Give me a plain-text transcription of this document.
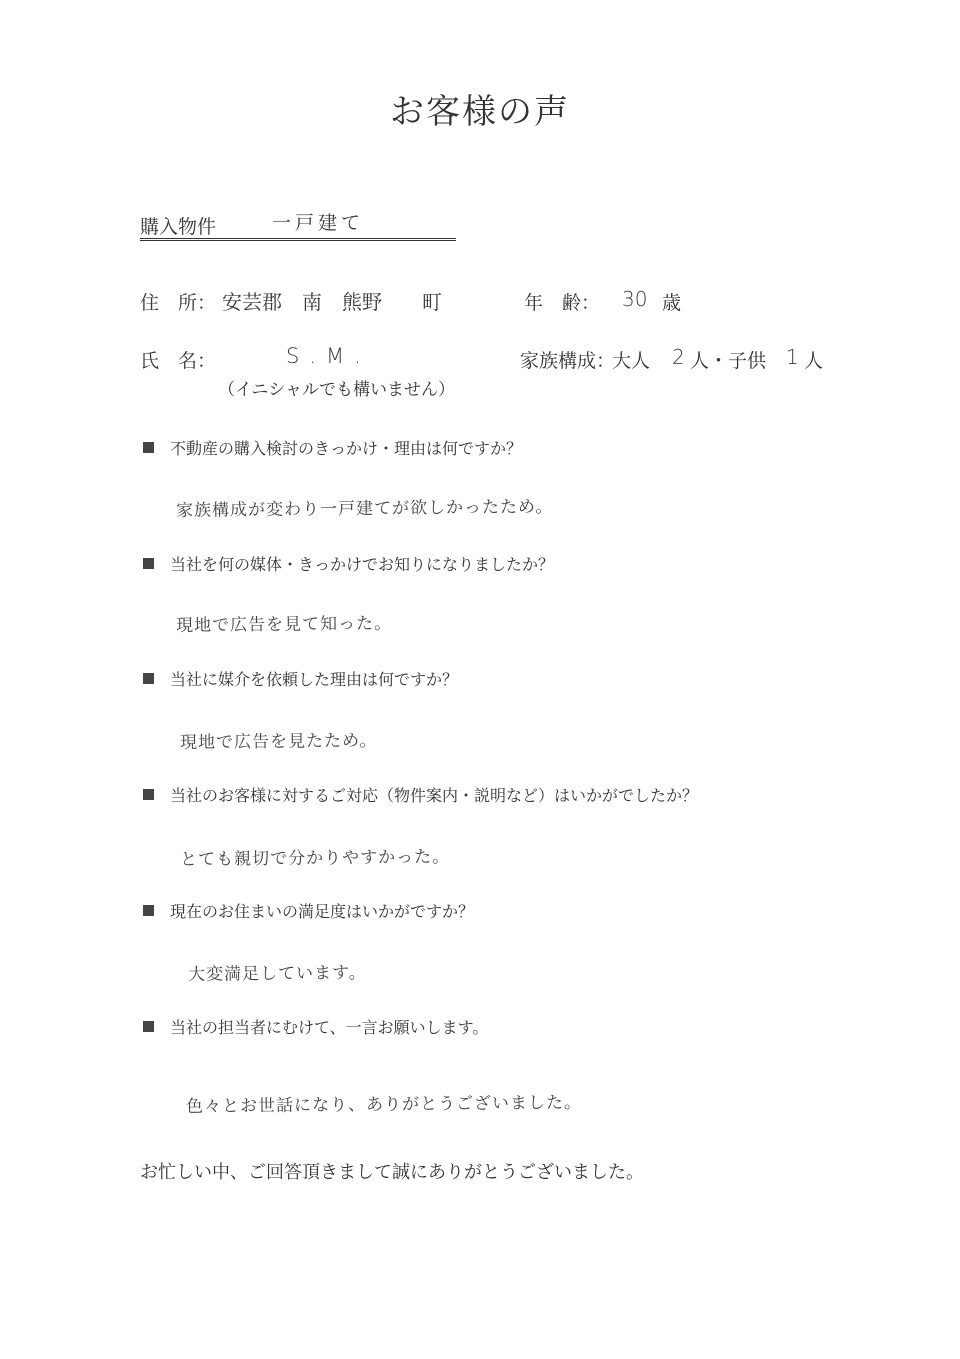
お客様の声
購入物件	一戸建て
住　所： 安芸郡　南　熊野　　町	年　齢： 30 歳
氏　名：	S.M.
（イニシャルでも構いません）
家族構成：
大人 2 人・ 子供 1 人
不動産の購入検討のきっかけ・理由は何ですか？
家族構成が変わり一戸建てが欲しかったため。
当社を何の媒体・きっかけでお知りになりましたか？
現地で広告を見て知った。
当社に媒介を依頼した理由は何ですか？
現地で広告を見たため。
当社のお客様に対するご対応（物件案内・説明など）はいかがでしたか？
とても親切で分かりやすかった。
現在のお住まいの満足度はいかがですか？
大変満足しています。
当社の担当者にむけて、一言お願いします。
色々とお世話になり、ありがとうございました。
お忙しい中、ご回答頂きまして誠にありがとうございました。
